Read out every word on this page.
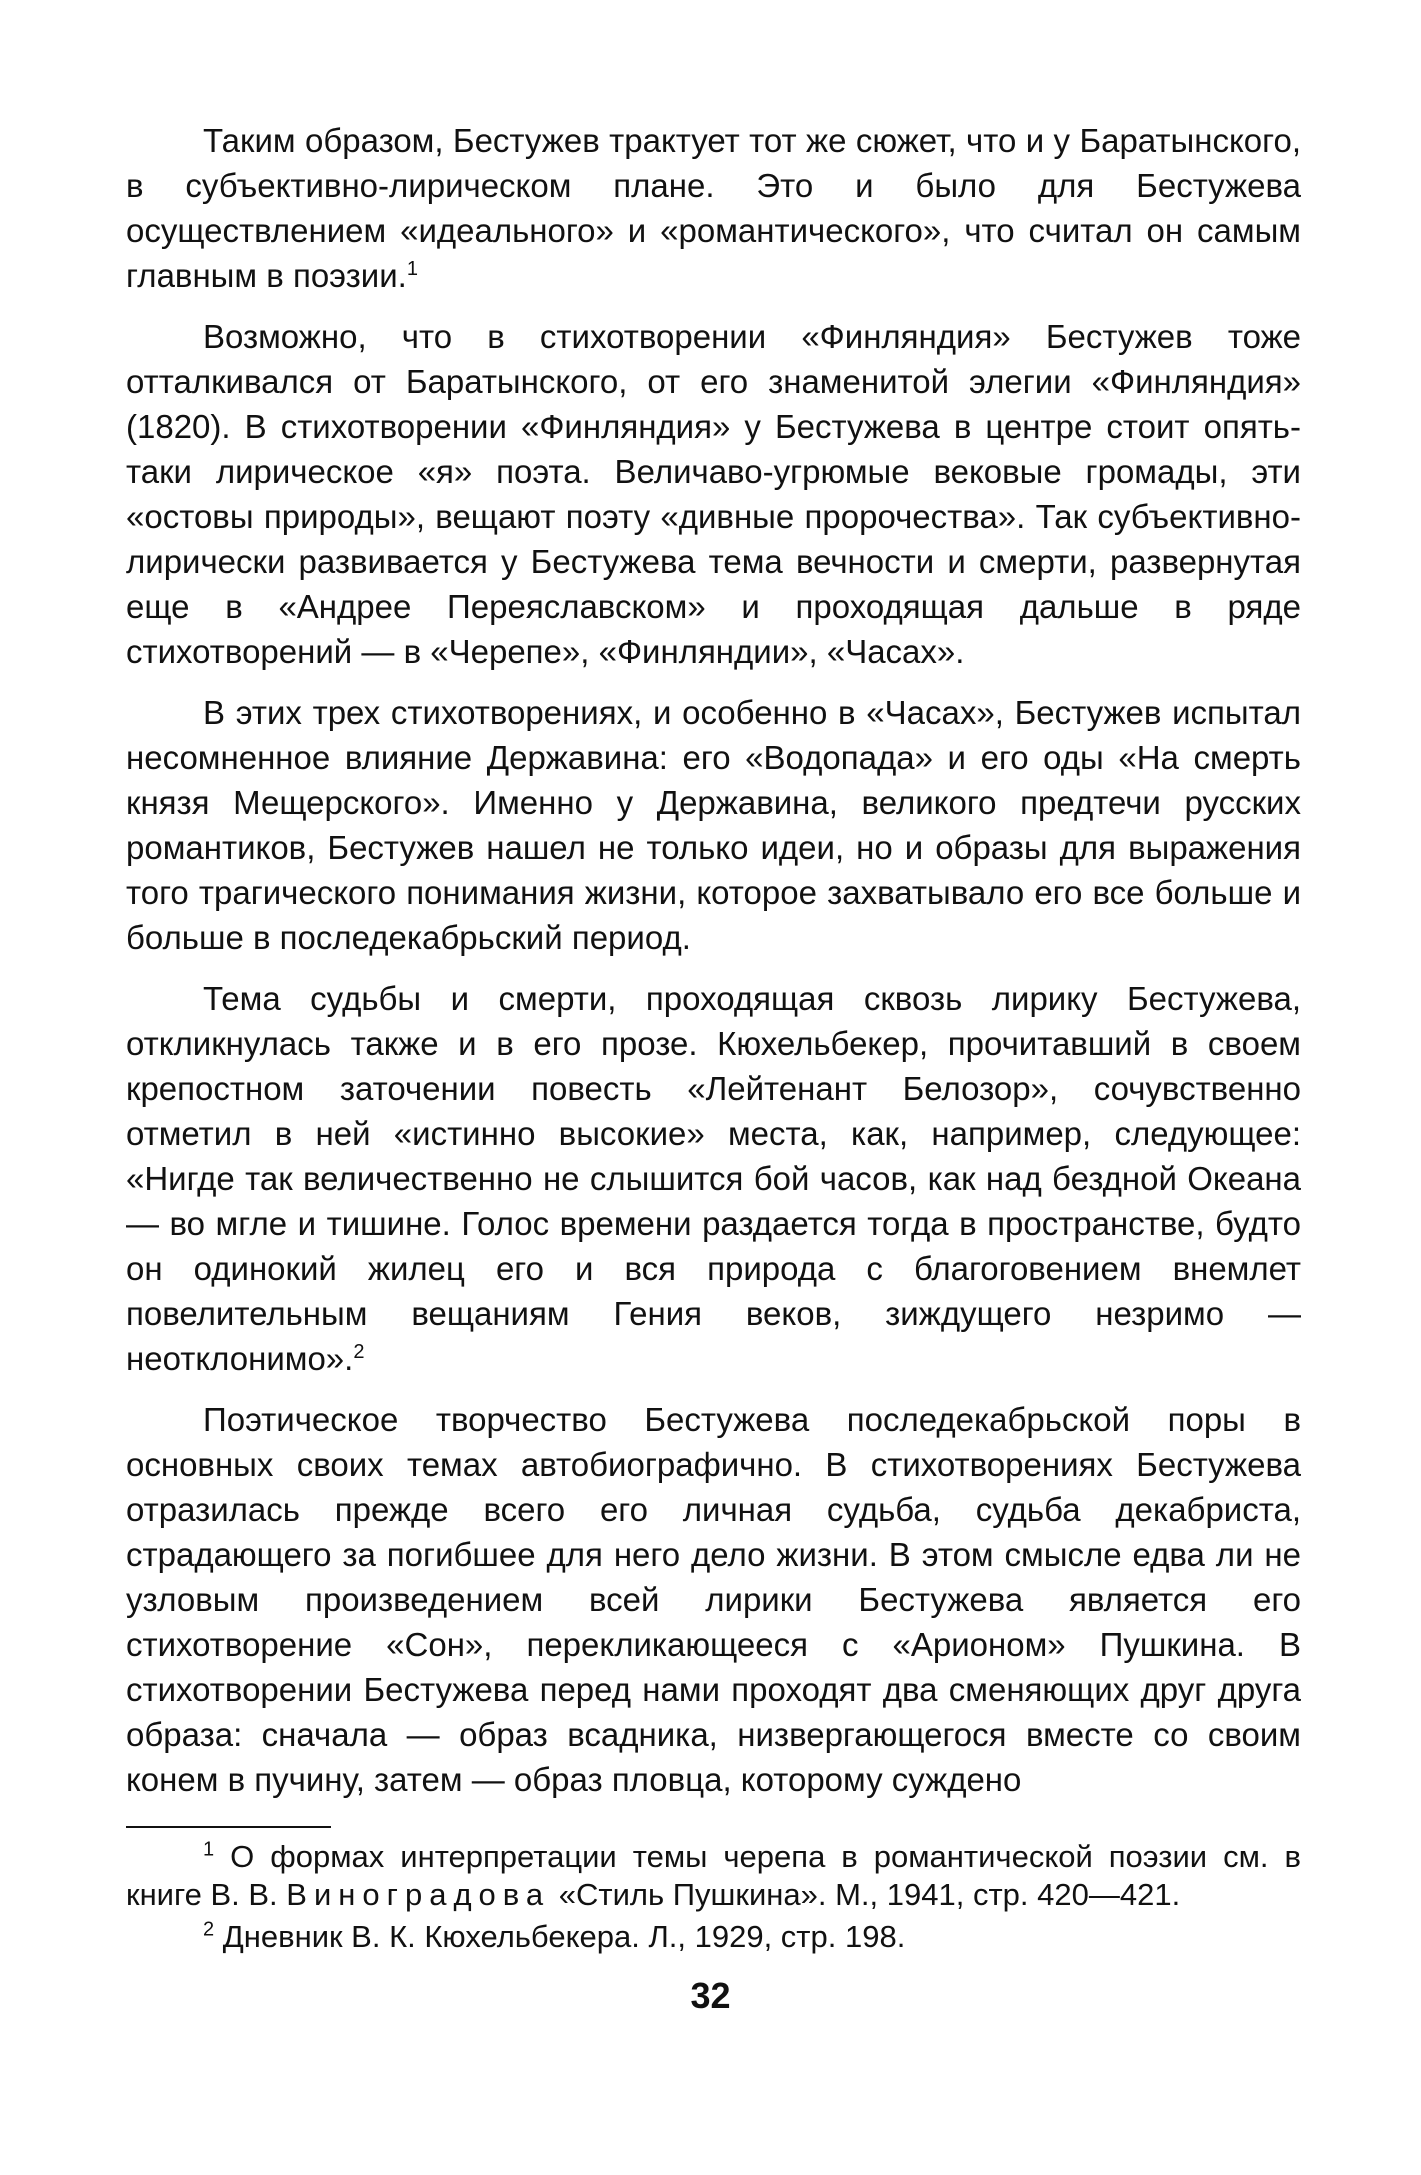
Таким образом, Бестужев трактует тот же сюжет, что и у Баратынского, в субъективно-лирическом плане. Это и было для Бестужева осуществлением «идеального» и «романтического», что считал он самым главным в поэзии.$^1$

Возможно, что в стихотворении «Финляндия» Бестужев тоже отталкивался от Баратынского, от его знаменитой элегии «Финляндия» (1820). В стихотворении «Финляндия» у Бестужева в центре стоит опять-таки лирическое «я» поэта. Величаво-угрюмые вековые громады, эти «остовы природы», вещают поэту «дивные пророчества». Так субъективно-лирически развивается у Бестужева тема вечности и смерти, развернутая еще в «Андрее Переяславском» и проходящая дальше в ряде стихотворений — в «Черепе», «Финляндии», «Часах».

В этих трех стихотворениях, и особенно в «Часах», Бестужев испытал несомненное влияние Державина: его «Водопада» и его оды «На смерть князя Мещерского». Именно у Державина, великого предтечи русских романтиков, Бестужев нашел не только идеи, но и образы для выражения того трагического понимания жизни, которое захватывало его все больше и больше в последекабрьский период.

Тема судьбы и смерти, проходящая сквозь лирику Бестужева, откликнулась также и в его прозе. Кюхельбекер, прочитавший в своем крепостном заточении повесть «Лейтенант Белозор», сочувственно отметил в ней «истинно высокие» места, как, например, следующее: «Нигде так величественно не слышится бой часов, как над бездной Океана — во мгле и тишине. Голос времени раздается тогда в пространстве, будто он одинокий жилец его и вся природа с благоговением внемлет повелительным вещаниям Гения веков, зиждущего незримо — неотклонимо».$^2$

Поэтическое творчество Бестужева последекабрьской поры в основных своих темах автобиографично. В стихотворениях Бестужева отразилась прежде всего его личная судьба, судьба декабриста, страдающего за погибшее для него дело жизни. В этом смысле едва ли не узловым произведением всей лирики Бестужева является его стихотворение «Сон», перекликающееся с «Арионом» Пушкина. В стихотворении Бестужева перед нами проходят два сменяющих друг друга образа: сначала — образ всадника, низвергающегося вместе со своим конем в пучину, затем — образ пловца, которому суждено

$^1$ О формах интерпретации темы черепа в романтической поэзии см. в книге В. В. Виноградова «Стиль Пушкина». М., 1941, стр. 420—421.

$^2$ Дневник В. К. Кюхельбекера. Л., 1929, стр. 198.

32
